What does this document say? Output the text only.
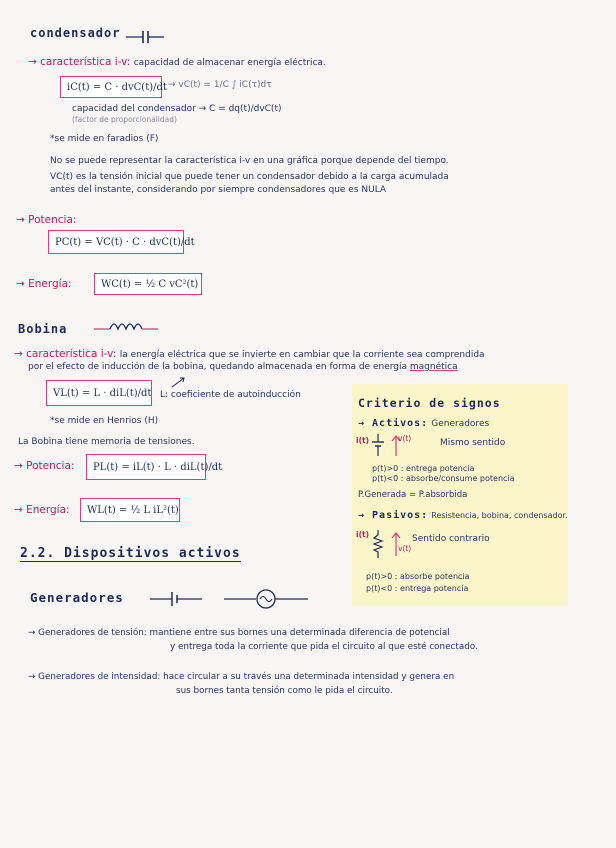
condensador
→ característica i-v: capacidad de almacenar energía eléctrica.
iC(t) = C · dvC(t)/dt → vC(t) = 1/C ∫ iC(τ)dτ
capacidad del condensador → C = dq(t)/dvC(t)
(factor de proporcionalidad)
*se mide en faradios (F)
No se puede representar la característica i-v en una gráfica porque depende del tiempo.
VC(t) es la tensión inicial que puede tener un condensador debido a la carga acumulada
antes del instante, considerando por siempre condensadores que es NULA
→ Potencia:
PC(t) = VC(t) · C · dvC(t)/dt
→ Energía:	WC(t) = ½ C vC²(t)
Bobina
→ característica i-v: la energía eléctrica que se invierte en cambiar que la corriente sea comprendida
por el efecto de inducción de la bobina, quedando almacenada en forma de energía magnética
VL(t) = L · diL(t)/dt L: coeficiente de autoinducción
*se mide en Henrios (H)
La Bobina tiene memoria de tensiones.
→ Potencia:	PL(t) = iL(t) · L · diL(t)/dt
→ Energía:	WL(t) = ½ L iL²(t)
Criterio de signos
→ Activos: Generadores
i(t)	v(t)	Mismo sentido
p(t)>0 : entrega potencia
p(t)<0 : absorbe/consume potencia
P.Generada = P.absorbida
→ Pasivos: Resistencia, bobina, condensador.
i(t)
v(t)
Sentido contrario
p(t)>0 : absorbe potencia
p(t)<0 : entrega potencia
2.2. Dispositivos activos
Generadores
→ Generadores de tensión: mantiene entre sus bornes una determinada diferencia de potencial
y entrega toda la corriente que pida el circuito al que esté conectado.
→ Generadores de intensidad: hace circular a su través una determinada intensidad y genera en
sus bornes tanta tensión como le pida el circuito.
